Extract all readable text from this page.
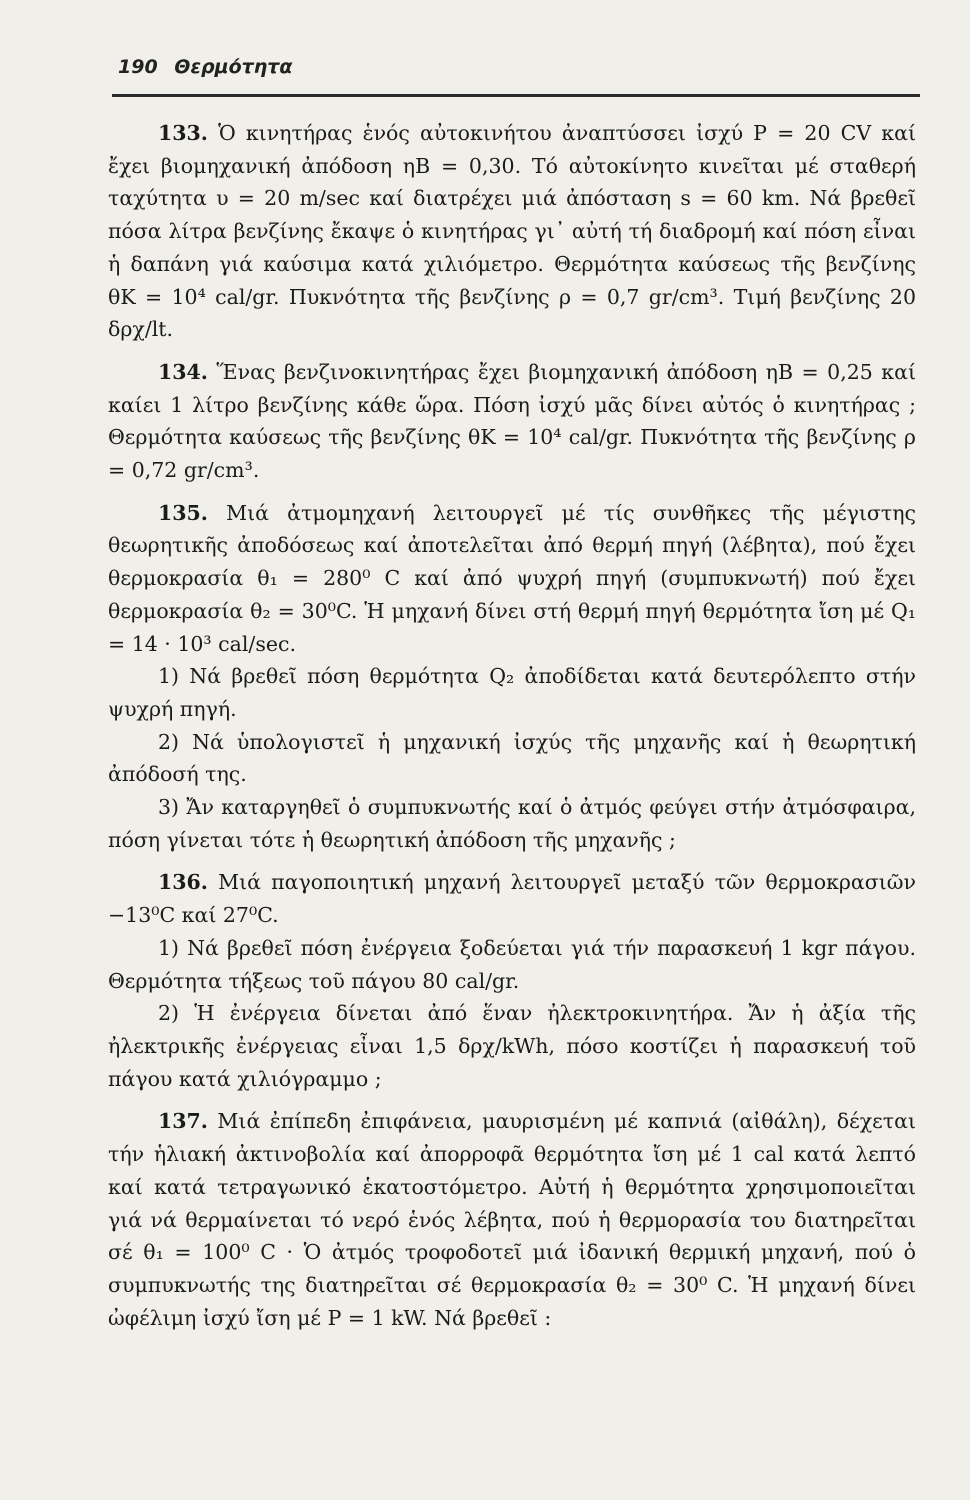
190 Θερμότητα

133. Ὁ κινητήρας ἑνός αὐτοκινήτου ἀναπτύσσει ἰσχύ P = 20 CV καί ἔχει βιομηχανική ἀπόδοση ηB = 0,30. Τό αὐτοκίνητο κινεῖται μέ σταθερή ταχύτητα υ = 20 m/sec καί διατρέχει μιά ἀπόσταση s = 60 km. Νά βρεθεῖ πόσα λίτρα βενζίνης ἔκαψε ὁ κινητήρας γι᾽ αὐτή τή διαδρομή καί πόση εἶναι ἡ δαπάνη γιά καύσιμα κατά χιλιόμετρο. Θερμότητα καύσεως τῆς βενζίνης θK = 10⁴ cal/gr. Πυκνότητα τῆς βενζίνης ρ = 0,7 gr/cm³. Τιμή βενζίνης 20 δρχ/lt.

134. Ἕνας βενζινοκινητήρας ἔχει βιομηχανική ἀπόδοση ηB = 0,25 καί καίει 1 λίτρο βενζίνης κάθε ὥρα. Πόση ἰσχύ μᾶς δίνει αὐτός ὁ κινητήρας ; Θερμότητα καύσεως τῆς βενζίνης θK = 10⁴ cal/gr. Πυκνότητα τῆς βενζίνης ρ = 0,72 gr/cm³.

135. Μιά ἀτμομηχανή λειτουργεῖ μέ τίς συνθῆκες τῆς μέγιστης θεωρητικῆς ἀποδόσεως καί ἀποτελεῖται ἀπό θερμή πηγή (λέβητα), πού ἔχει θερμοκρασία θ₁ = 280⁰ C καί ἀπό ψυχρή πηγή (συμπυκνωτή) πού ἔχει θερμοκρασία θ₂ = 30⁰C. Ἡ μηχανή δίνει στή θερμή πηγή θερμότητα ἴση μέ Q₁ = 14 · 10³ cal/sec.

1) Νά βρεθεῖ πόση θερμότητα Q₂ ἀποδίδεται κατά δευτερόλεπτο στήν ψυχρή πηγή.

2) Νά ὑπολογιστεῖ ἡ μηχανική ἰσχύς τῆς μηχανῆς καί ἡ θεωρητική ἀπόδοσή της.

3) Ἄν καταργηθεῖ ὁ συμπυκνωτής καί ὁ ἀτμός φεύγει στήν ἀτμόσφαιρα, πόση γίνεται τότε ἡ θεωρητική ἀπόδοση τῆς μηχανῆς ;

136. Μιά παγοποιητική μηχανή λειτουργεῖ μεταξύ τῶν θερμοκρασιῶν −13⁰C καί 27⁰C.

1) Νά βρεθεῖ πόση ἐνέργεια ξοδεύεται γιά τήν παρασκευή 1 kgr πάγου. Θερμότητα τήξεως τοῦ πάγου 80 cal/gr.

2) Ἡ ἐνέργεια δίνεται ἀπό ἕναν ἠλεκτροκινητήρα. Ἄν ἡ ἀξία τῆς ἠλεκτρικῆς ἐνέργειας εἶναι 1,5 δρχ/kWh, πόσο κοστίζει ἡ παρασκευή τοῦ πάγου κατά χιλιόγραμμο ;

137. Μιά ἐπίπεδη ἐπιφάνεια, μαυρισμένη μέ καπνιά (αἰθάλη), δέχεται τήν ἡλιακή ἀκτινοβολία καί ἀπορροφᾶ θερμότητα ἴση μέ 1 cal κατά λεπτό καί κατά τετραγωνικό ἑκατοστόμετρο. Αὐτή ἡ θερμότητα χρησιμοποιεῖται γιά νά θερμαίνεται τό νερό ἑνός λέβητα, πού ἡ θερμορασία του διατηρεῖται σέ θ₁ = 100⁰ C · Ὁ ἀτμός τροφοδοτεῖ μιά ἰδανική θερμική μηχανή, πού ὁ συμπυκνωτής της διατηρεῖται σέ θερμοκρασία θ₂ = 30⁰ C. Ἡ μηχανή δίνει ὠφέλιμη ἰσχύ ἴση μέ P = 1 kW. Νά βρεθεῖ :
